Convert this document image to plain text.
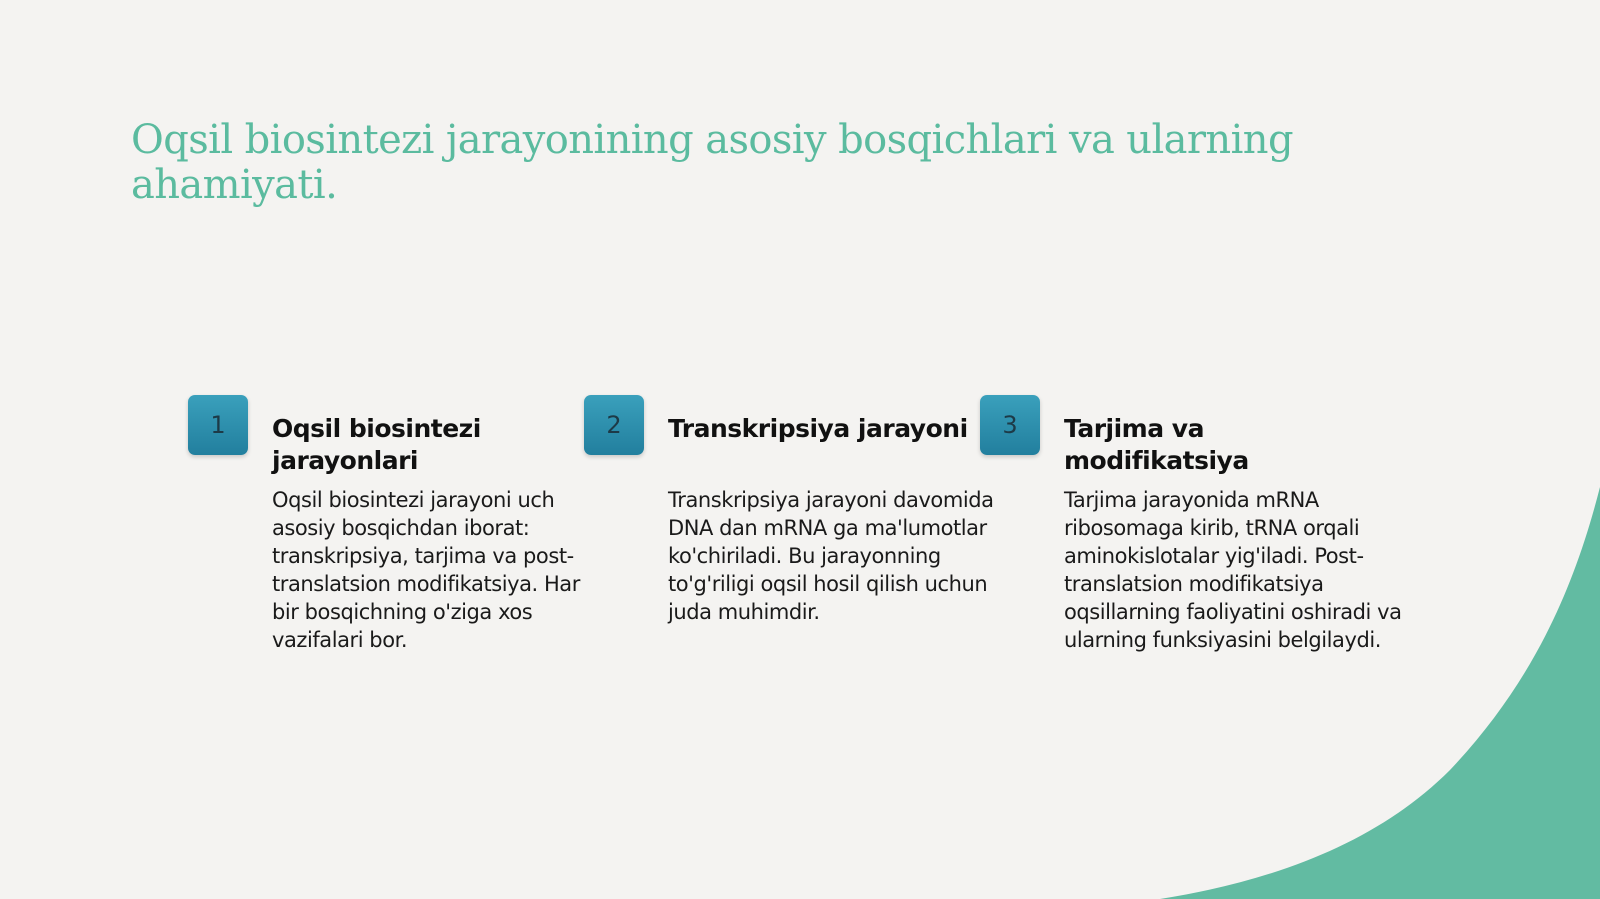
Oqsil biosintezi jarayonining asosiy bosqichlari va ularning ahamiyati.
1	Oqsil biosintezi jarayonlari

Oqsil biosintezi jarayoni uch asosiy bosqichdan iborat: transkripsiya, tarjima va post-translatsion modifikatsiya. Har bir bosqichning o'ziga xos vazifalari bor.

2	Transkripsiya jarayoni

Transkripsiya jarayoni davomida DNA dan mRNA ga ma'lumotlar ko'chiriladi. Bu jarayonning to'g'riligi oqsil hosil qilish uchun juda muhimdir.

3	Tarjima va modifikatsiya

Tarjima jarayonida mRNA ribosomaga kirib, tRNA orqali aminokislotalar yig'iladi. Post-translatsion modifikatsiya oqsillarning faoliyatini oshiradi va ularning funksiyasini belgilaydi.
